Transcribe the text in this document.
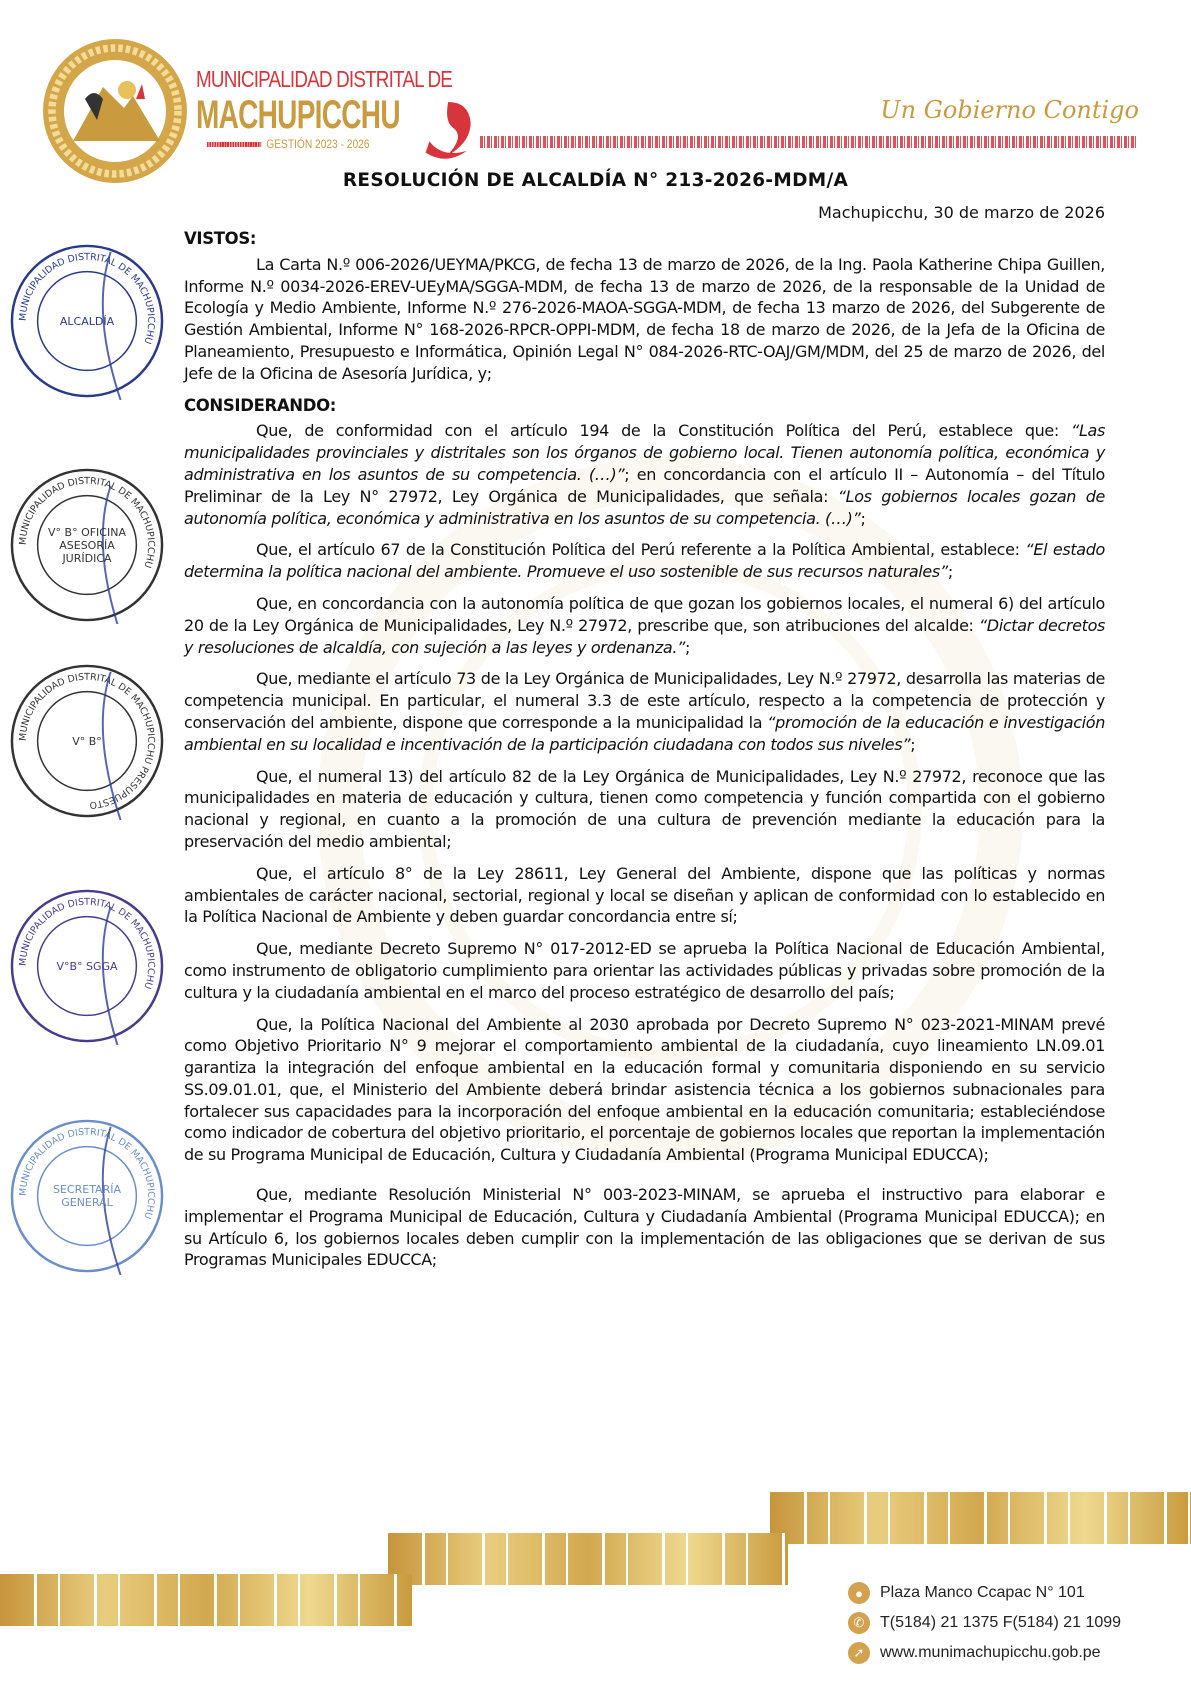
MUNICIPALIDAD DISTRITAL DE
MACHUPICCHU
GESTIÓN 2023 - 2026
Un Gobierno Contigo
RESOLUCIÓN DE ALCALDÍA N° 213-2026-MDM/A
Machupicchu, 30 de marzo de 2026
VISTOS:

La Carta N.º 006-2026/UEYMA/PKCG, de fecha 13 de marzo de 2026, de la Ing. Paola Katherine Chipa Guillen, Informe N.º 0034-2026-EREV-UEyMA/SGGA-MDM, de fecha 13 de marzo de 2026, de la responsable de la Unidad de Ecología y Medio Ambiente, Informe N.º 276-2026-MAOA-SGGA-MDM, de fecha 13 marzo de 2026, del Subgerente de Gestión Ambiental, Informe N° 168-2026-RPCR-OPPI-MDM, de fecha 18 de marzo de 2026, de la Jefa de la Oficina de Planeamiento, Presupuesto e Informática, Opinión Legal N° 084-2026-RTC-OAJ/GM/MDM, del 25 de marzo de 2026, del Jefe de la Oficina de Asesoría Jurídica, y;

CONSIDERANDO:

Que, de conformidad con el artículo 194 de la Constitución Política del Perú, establece que: “Las municipalidades provinciales y distritales son los órganos de gobierno local. Tienen autonomía política, económica y administrativa en los asuntos de su competencia. (…)”; en concordancia con el artículo II – Autonomía – del Título Preliminar de la Ley N° 27972, Ley Orgánica de Municipalidades, que señala: “Los gobiernos locales gozan de autonomía política, económica y administrativa en los asuntos de su competencia. (…)”;

Que, el artículo 67 de la Constitución Política del Perú referente a la Política Ambiental, establece: “El estado determina la política nacional del ambiente. Promueve el uso sostenible de sus recursos naturales”;

Que, en concordancia con la autonomía política de que gozan los gobiernos locales, el numeral 6) del artículo 20 de la Ley Orgánica de Municipalidades, Ley N.º 27972, prescribe que, son atribuciones del alcalde: “Dictar decretos y resoluciones de alcaldía, con sujeción a las leyes y ordenanza.”;

Que, mediante el artículo 73 de la Ley Orgánica de Municipalidades, Ley N.º 27972, desarrolla las materias de competencia municipal. En particular, el numeral 3.3 de este artículo, respecto a la competencia de protección y conservación del ambiente, dispone que corresponde a la municipalidad la “promoción de la educación e investigación ambiental en su localidad e incentivación de la participación ciudadana con todos sus niveles”;

Que, el numeral 13) del artículo 82 de la Ley Orgánica de Municipalidades, Ley N.º 27972, reconoce que las municipalidades en materia de educación y cultura, tienen como competencia y función compartida con el gobierno nacional y regional, en cuanto a la promoción de una cultura de prevención mediante la educación para la preservación del medio ambiental;

Que, el artículo 8° de la Ley 28611, Ley General del Ambiente, dispone que las políticas y normas ambientales de carácter nacional, sectorial, regional y local se diseñan y aplican de conformidad con lo establecido en la Política Nacional de Ambiente y deben guardar concordancia entre sí;

Que, mediante Decreto Supremo N° 017-2012-ED se aprueba la Política Nacional de Educación Ambiental, como instrumento de obligatorio cumplimiento para orientar las actividades públicas y privadas sobre promoción de la cultura y la ciudadanía ambiental en el marco del proceso estratégico de desarrollo del país;

Que, la Política Nacional del Ambiente al 2030 aprobada por Decreto Supremo N° 023-2021-MINAM prevé como Objetivo Prioritario N° 9 mejorar el comportamiento ambiental de la ciudadanía, cuyo lineamiento LN.09.01 garantiza la integración del enfoque ambiental en la educación formal y comunitaria disponiendo en su servicio SS.09.01.01, que, el Ministerio del Ambiente deberá brindar asistencia técnica a los gobiernos subnacionales para fortalecer sus capacidades para la incorporación del enfoque ambiental en la educación comunitaria; estableciéndose como indicador de cobertura del objetivo prioritario, el porcentaje de gobiernos locales que reportan la implementación de su Programa Municipal de Educación, Cultura y Ciudadanía Ambiental (Programa Municipal EDUCCA);

Que, mediante Resolución Ministerial N° 003-2023-MINAM, se aprueba el instructivo para elaborar e implementar el Programa Municipal de Educación, Cultura y Ciudadanía Ambiental (Programa Municipal EDUCCA); en su Artículo 6, los gobiernos locales deben cumplir con la implementación de las obligaciones que se derivan de sus Programas Municipales EDUCCA;

MUNICIPALIDAD DISTRITAL DE MACHUPICCHU
ALCALDÍA
MUNICIPALIDAD DISTRITAL DE MACHUPICCHU
V° B° OFICINA ASESORÍA JURÍDICA
MUNICIPALIDAD DISTRITAL DE MACHUPICCHU PRESUPUESTO
V° B°
MUNICIPALIDAD DISTRITAL DE MACHUPICCHU
V°B° SGGA
MUNICIPALIDAD DISTRITAL DE MACHUPICCHU
SECRETARÍA GENERAL
●	Plaza Manco Ccapac N° 101
✆ T(5184) 21 1375 F(5184) 21 1099
➚ www.munimachupicchu.gob.pe
